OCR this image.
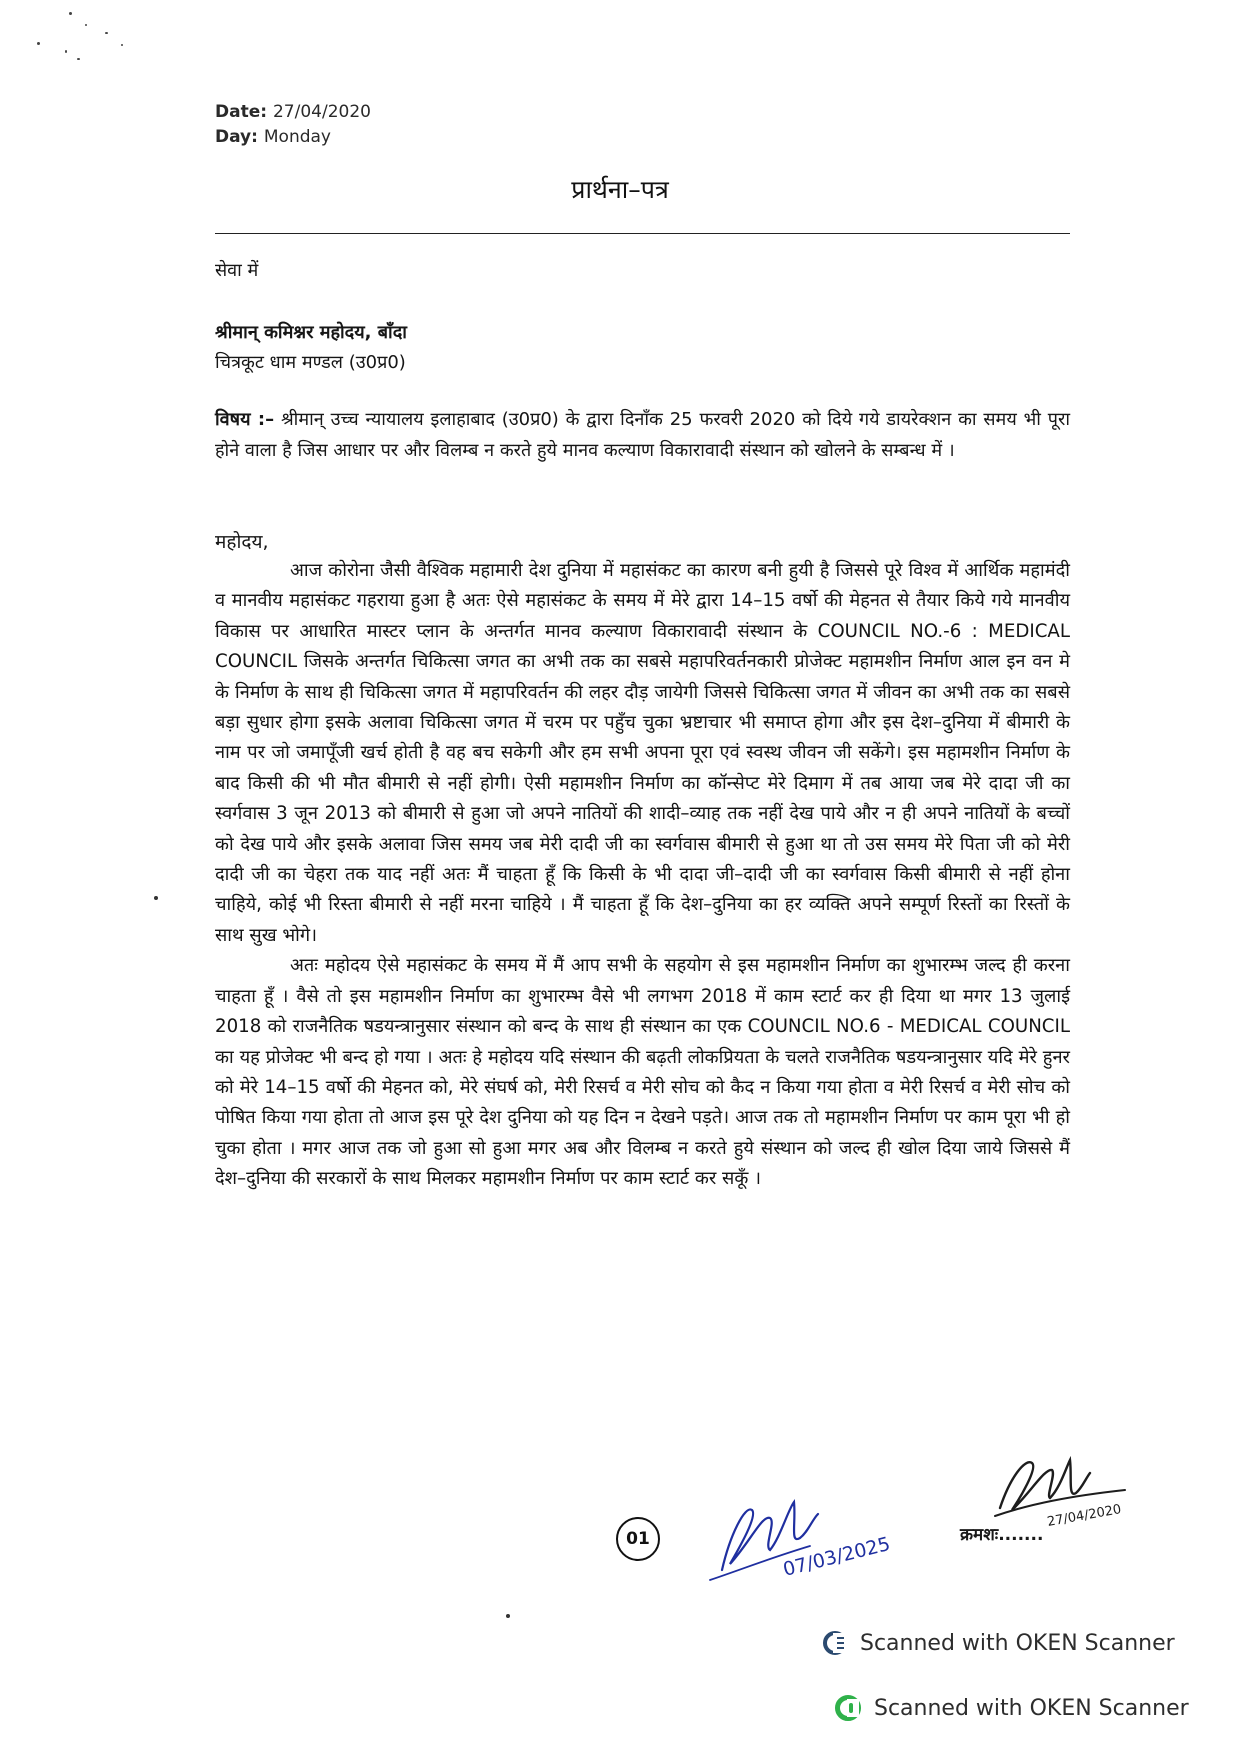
Date: 27/04/2020
Day: Monday
प्रार्थना–पत्र
सेवा में
श्रीमान् कमिश्नर महोदय, बाँदा
चित्रकूट धाम मण्डल (उ0प्र0)
विषय :– श्रीमान् उच्च न्यायालय इलाहाबाद (उ0प्र0) के द्वारा दिनाँक 25 फरवरी 2020 को दिये गये डायरेक्शन का समय भी पूरा होने वाला है जिस आधार पर और विलम्ब न करते हुये मानव कल्याण विकारावादी संस्थान को खोलने के सम्बन्ध में ।
महोदय,

आज कोरोना जैसी वैश्विक महामारी देश दुनिया में महासंकट का कारण बनी हुयी है जिससे पूरे विश्व में आर्थिक महामंदी व मानवीय महासंकट गहराया हुआ है अतः ऐसे महासंकट के समय में मेरे द्वारा 14–15 वर्षो की मेहनत से तैयार किये गये मानवीय विकास पर आधारित मास्टर प्लान के अन्तर्गत मानव कल्याण विकारावादी संस्थान के COUNCIL NO.-6 : MEDICAL COUNCIL जिसके अन्तर्गत चिकित्सा जगत का अभी तक का सबसे महापरिवर्तनकारी प्रोजेक्ट महामशीन निर्माण आल इन वन मे के निर्माण के साथ ही चिकित्सा जगत में महापरिवर्तन की लहर दौड़ जायेगी जिससे चिकित्सा जगत में जीवन का अभी तक का सबसे बड़ा सुधार होगा इसके अलावा चिकित्सा जगत में चरम पर पहुँच चुका भ्रष्टाचार भी समाप्त होगा और इस देश–दुनिया में बीमारी के नाम पर जो जमापूँजी खर्च होती है वह बच सकेगी और हम सभी अपना पूरा एवं स्वस्थ जीवन जी सकेंगे। इस महामशीन निर्माण के बाद किसी की भी मौत बीमारी से नहीं होगी। ऐसी महामशीन निर्माण का कॉन्सेप्ट मेरे दिमाग में तब आया जब मेरे दादा जी का स्वर्गवास 3 जून 2013 को बीमारी से हुआ जो अपने नातियों की शादी–व्याह तक नहीं देख पाये और न ही अपने नातियों के बच्चों को देख पाये और इसके अलावा जिस समय जब मेरी दादी जी का स्वर्गवास बीमारी से हुआ था तो उस समय मेरे पिता जी को मेरी दादी जी का चेहरा तक याद नहीं अतः मैं चाहता हूँ कि किसी के भी दादा जी–दादी जी का स्वर्गवास किसी बीमारी से नहीं होना चाहिये, कोई भी रिस्ता बीमारी से नहीं मरना चाहिये । मैं चाहता हूँ कि देश–दुनिया का हर व्यक्ति अपने सम्पूर्ण रिस्तों का रिस्तों के साथ सुख भोगे।

अतः महोदय ऐसे महासंकट के समय में मैं आप सभी के सहयोग से इस महामशीन निर्माण का शुभारम्भ जल्द ही करना चाहता हूँ । वैसे तो इस महामशीन निर्माण का शुभारम्भ वैसे भी लगभग 2018 में काम स्टार्ट कर ही दिया था मगर 13 जुलाई 2018 को राजनैतिक षडयन्त्रानुसार संस्थान को बन्द के साथ ही संस्थान का एक COUNCIL NO.6 - MEDICAL COUNCIL का यह प्रोजेक्ट भी बन्द हो गया । अतः हे महोदय यदि संस्थान की बढ़ती लोकप्रियता के चलते राजनैतिक षडयन्त्रानुसार यदि मेरे हुनर को मेरे 14–15 वर्षो की मेहनत को, मेरे संघर्ष को, मेरी रिसर्च व मेरी सोच को कैद न किया गया होता व मेरी रिसर्च व मेरी सोच को पोषित किया गया होता तो आज इस पूरे देश दुनिया को यह दिन न देखने पड़ते। आज तक तो महामशीन निर्माण पर काम पूरा भी हो चुका होता । मगर आज तक जो हुआ सो हुआ मगर अब और विलम्ब न करते हुये संस्थान को जल्द ही खोल दिया जाये जिससे मैं देश–दुनिया की सरकारों के साथ मिलकर महामशीन निर्माण पर काम स्टार्ट कर सकूँ ।

27/04/2020
01	07/03/2025	क्रमशः.......
Scanned with OKEN Scanner
Scanned with OKEN Scanner
